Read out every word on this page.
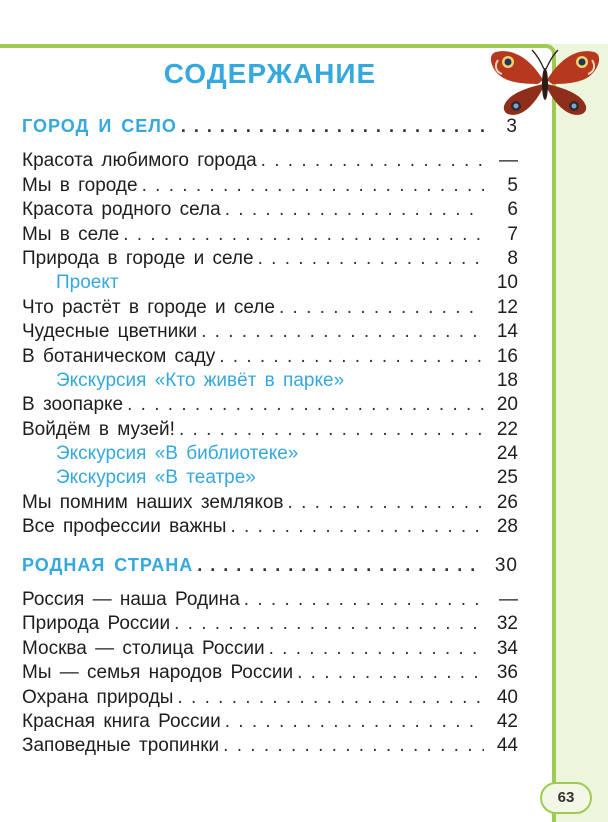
СОДЕРЖАНИЕ
ГОРОД И СЕЛО . . .	3
Красота любимого города . . .	—
Мы в городе . . .	5
Красота родного села . . .	6
Мы в селе . . .	7
Природа в городе и селе . . .	8
Проект	10
Что растёт в городе и селе . . .	12
Чудесные цветники . . .	14
В ботаническом саду . . .	16
Экскурсия «Кто живёт в парке»	18
В зоопарке . . .	20
Войдём в музей! . . .	22
Экскурсия «В библиотеке»	24
Экскурсия «В театре»	25
Мы помним наших земляков . . .	26
Все профессии важны . . .	28
РОДНАЯ СТРАНА . . .	30
Россия — наша Родина . . .	—
Природа России . . .	32
Москва — столица России . . .	34
Мы — семья народов России . . .	36
Охрана природы . . .	40
Красная книга России . . .	42
Заповедные тропинки . . .	44
63
